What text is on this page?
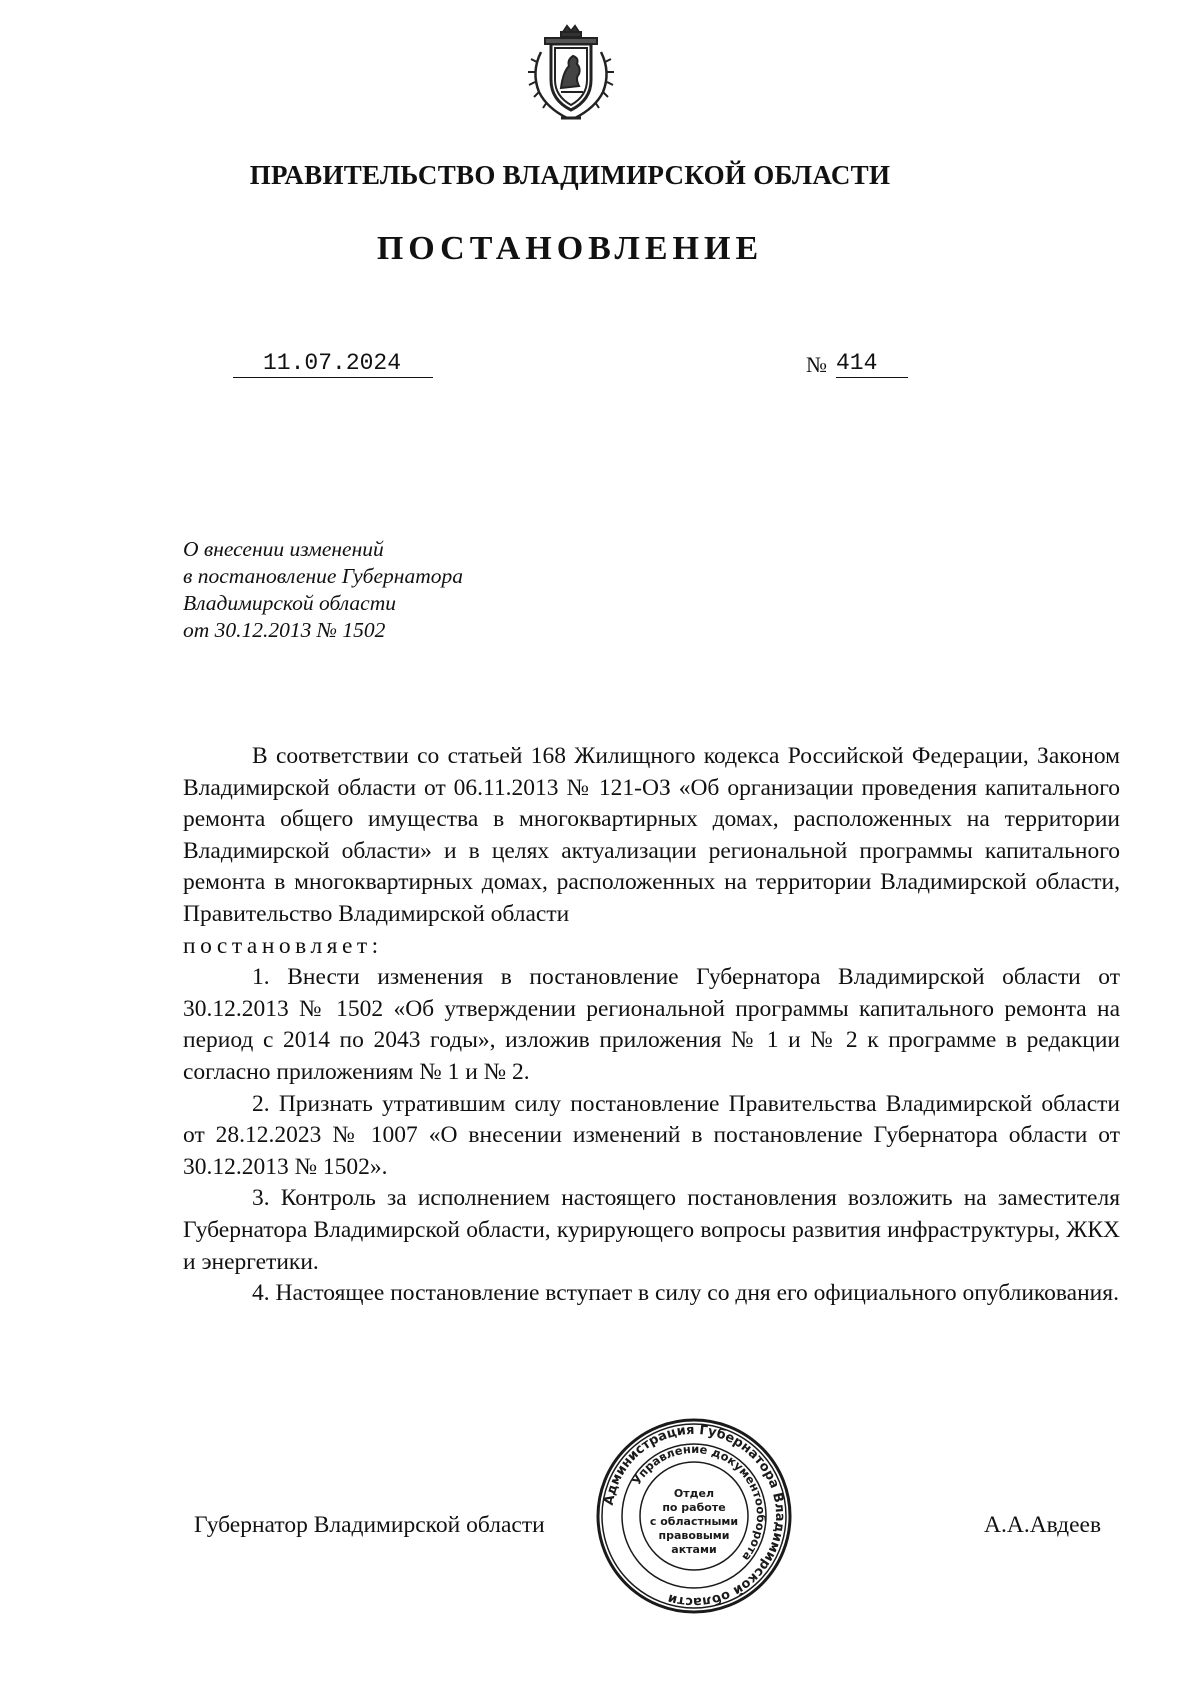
ПРАВИТЕЛЬСТВО ВЛАДИМИРСКОЙ ОБЛАСТИ
ПОСТАНОВЛЕНИЕ
11.07.2024	№ 414
О внесении изменений
в постановление Губернатора
Владимирской области
от 30.12.2013 № 1502

В соответствии со статьей 168 Жилищного кодекса Российской Федерации, Законом Владимирской области от 06.11.2013 № 121-ОЗ «Об организации проведения капитального ремонта общего имущества в многоквартирных домах, расположенных на территории Владимирской области» и в целях актуализации региональной программы капитального ремонта в многоквартирных домах, расположенных на территории Владимирской области, Правительство Владимирской области

постановляет:

1. Внести изменения в постановление Губернатора Владимирской области от 30.12.2013 № 1502 «Об утверждении региональной программы капитального ремонта на период с 2014 по 2043 годы», изложив приложения № 1 и № 2 к программе в редакции согласно приложениям № 1 и № 2.

2. Признать утратившим силу постановление Правительства Владимирской области от 28.12.2023 № 1007 «О внесении изменений в постановление Губернатора области от 30.12.2013 № 1502».

3. Контроль за исполнением настоящего постановления возложить на заместителя Губернатора Владимирской области, курирующего вопросы развития инфраструктуры, ЖКХ и энергетики.

4. Настоящее постановление вступает в силу со дня его официального опубликования.

Губернатор Владимирской области	А.А.Авдеев
Администрация Губернатора Владимирской области
Управление документооборота
Отдел
по работе
с областными
правовыми
актами
